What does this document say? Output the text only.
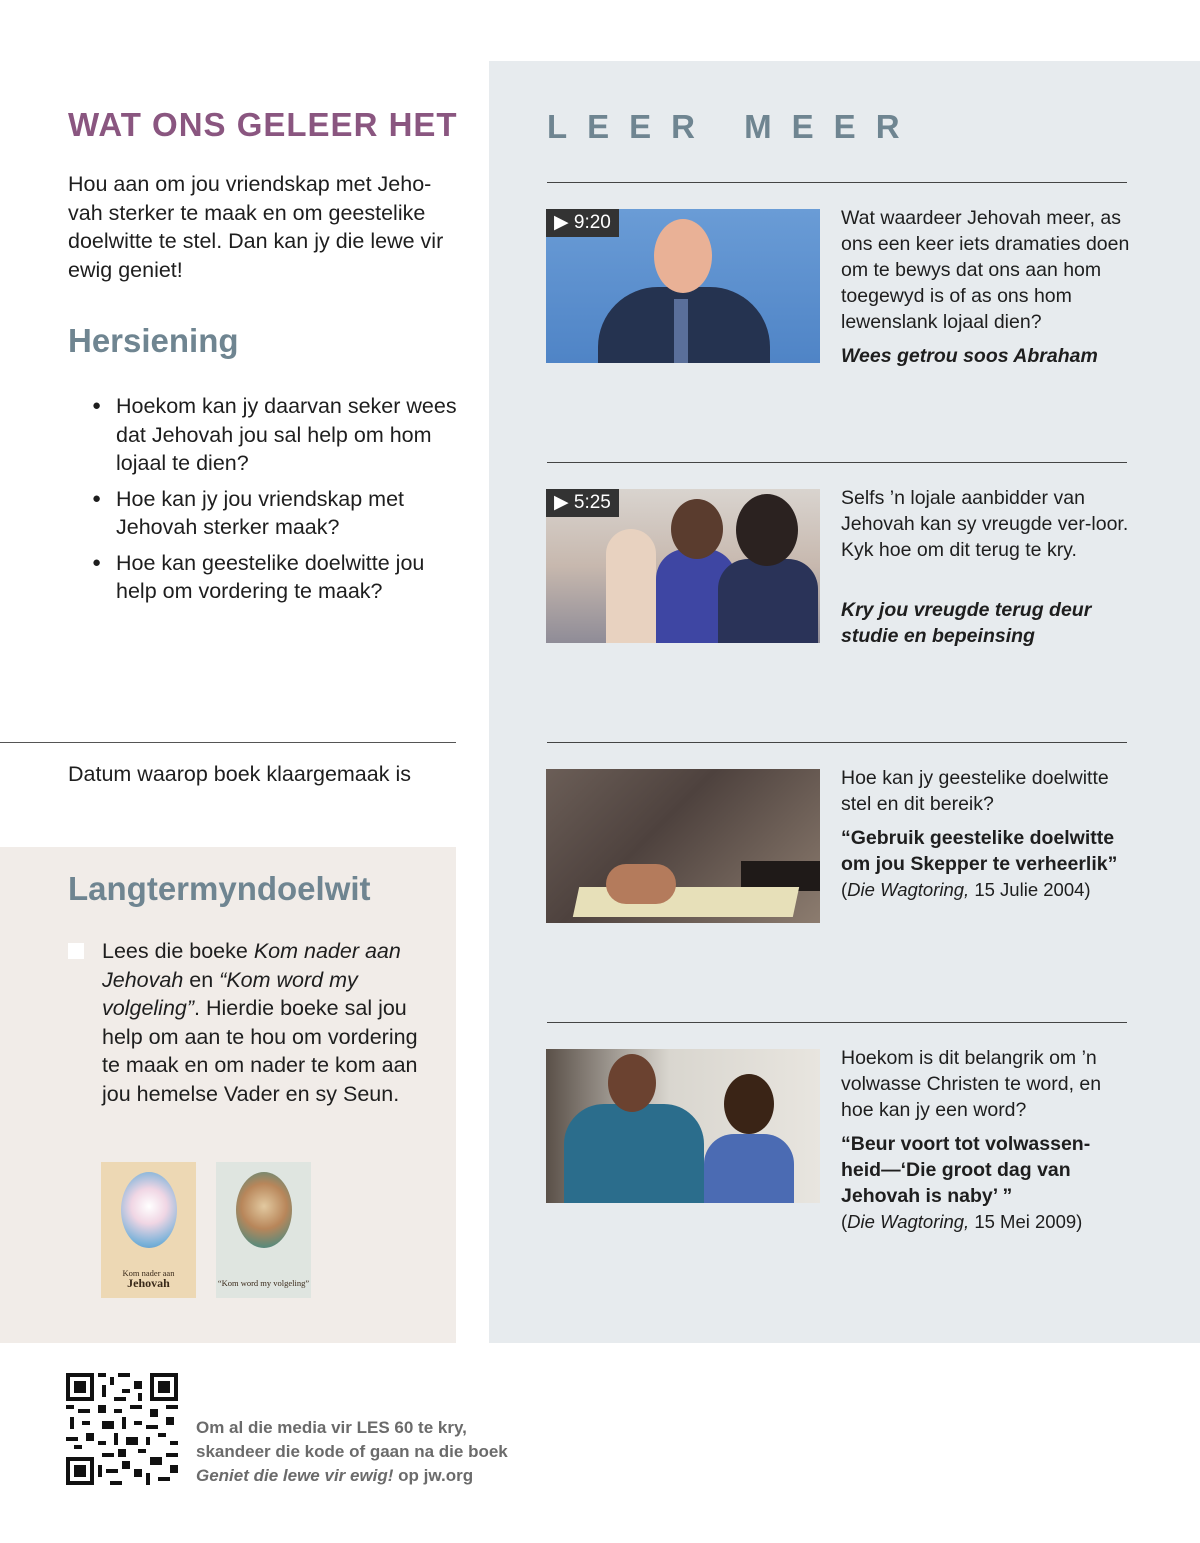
WAT ONS GELEER HET

Hou aan om jou vriendskap met Jeho-vah sterker te maak en om geestelike doelwitte te stel. Dan kan jy die lewe vir ewig geniet!

Hersiening
● Hoekom kan jy daarvan seker wees dat Jehovah jou sal help om hom lojaal te dien?
● Hoe kan jy jou vriendskap met Jehovah sterker maak?
● Hoe kan geestelike doelwitte jou help om vordering te maak?

Datum waarop boek klaargemaak is

Langtermyndoelwit

Lees die boeke Kom nader aan Jehovah en “Kom word my volgeling”. Hierdie boeke sal jou help om aan te hou om vordering te maak en om nader te kom aan jou hemelse Vader en sy Seun.

Kom nader aan
Jehovah	“Kom word my volgeling”
LEER MEER
▶ 9:20	Wat waardeer Jehovah meer, as ons een keer iets dramaties doen om te bewys dat ons aan hom toegewyd is of as ons hom lewenslank lojaal dien?

Wees getrou soos Abraham

▶ 5:25	Selfs ’n lojale aanbidder van Jehovah kan sy vreugde ver-loor. Kyk hoe om dit terug te kry.

Kry jou vreugde terug deur studie en bepeinsing

Hoe kan jy geestelike doelwitte stel en dit bereik?

“Gebruik geestelike doelwitte om jou Skepper te verheerlik”

(Die Wagtoring, 15 Julie 2004)

Hoekom is dit belangrik om ’n volwasse Christen te word, en hoe kan jy een word?

“Beur voort tot volwassen-heid—‘Die groot dag van Jehovah is naby’ ”

(Die Wagtoring, 15 Mei 2009)

Om al die media vir LES 60 te kry,
skandeer die kode of gaan na die boek
Geniet die lewe vir ewig! op jw.org
